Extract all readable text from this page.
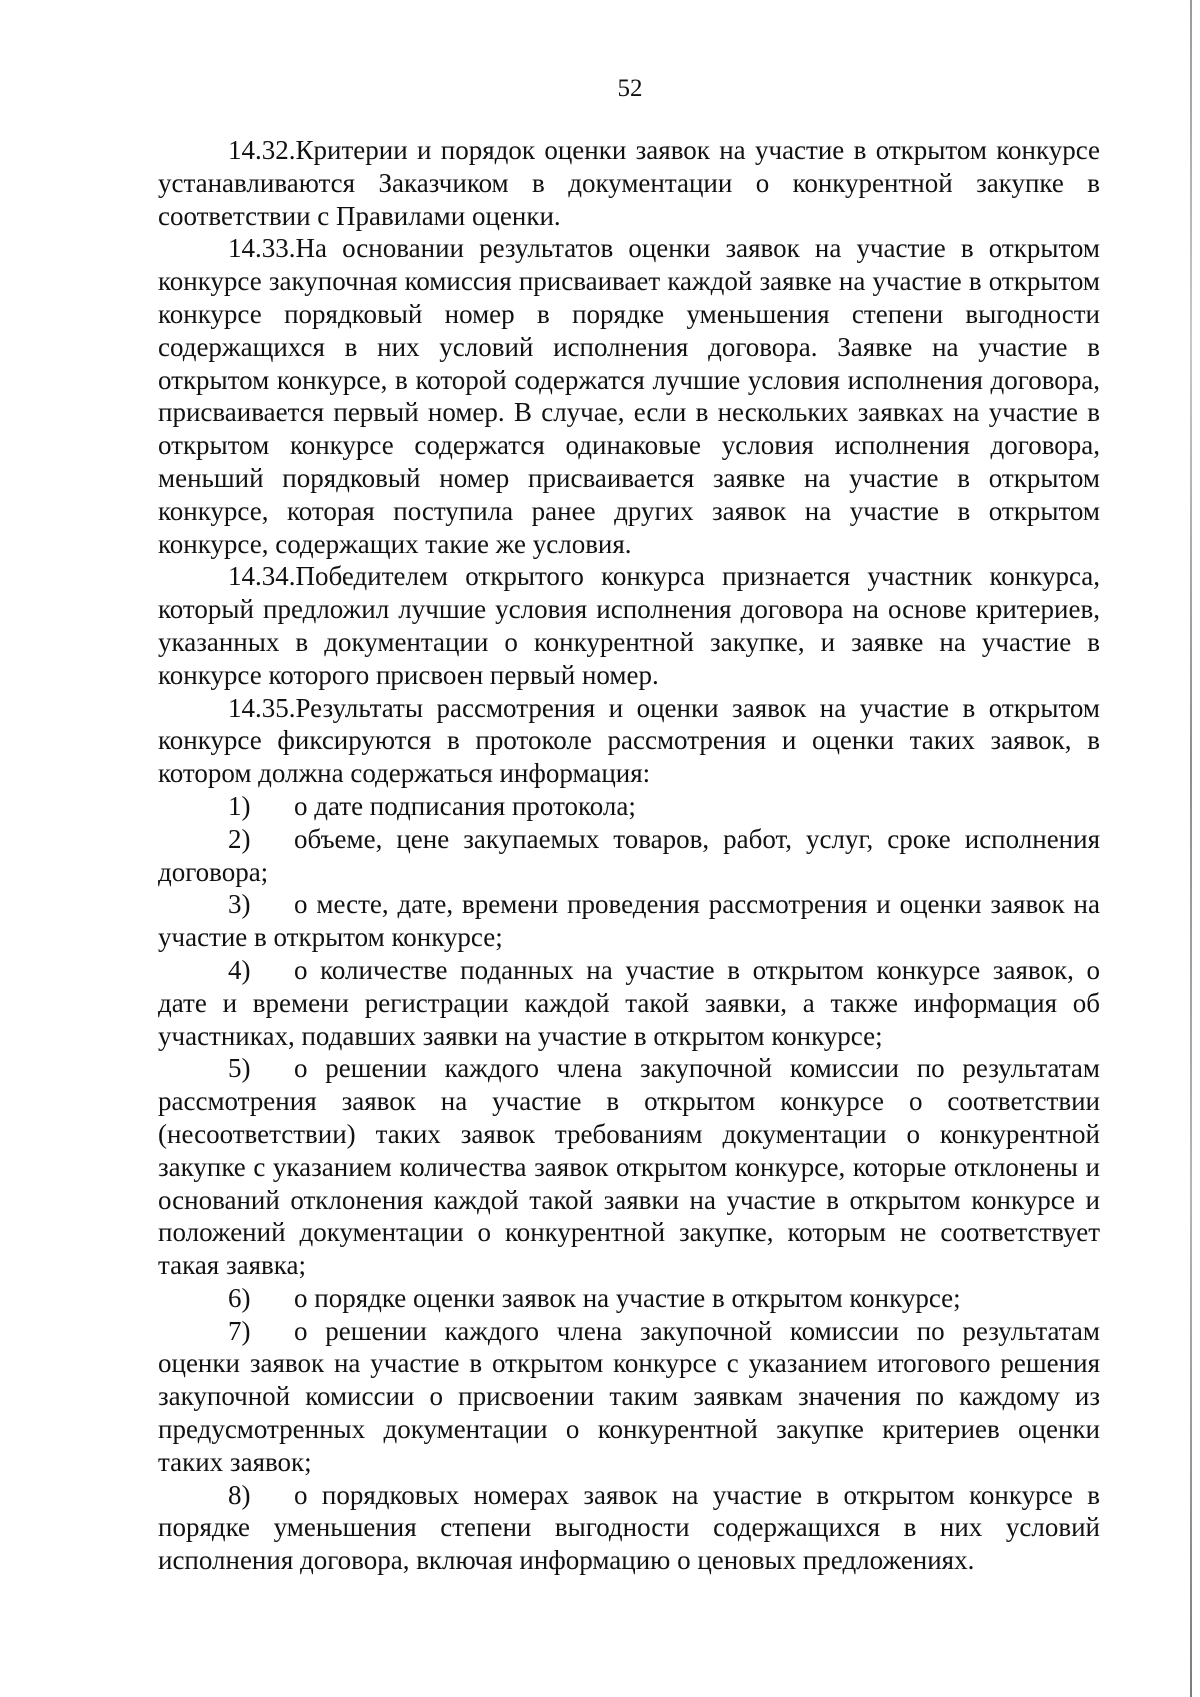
52

14.32.Критерии и порядок оценки заявок на участие в открытом конкурсе устанавливаются Заказчиком в документации о конкурентной закупке в соответствии с Правилами оценки.

14.33.На основании результатов оценки заявок на участие в открытом конкурсе закупочная комиссия присваивает каждой заявке на участие в открытом конкурсе порядковый номер в порядке уменьшения степени выгодности содержащихся в них условий исполнения договора. Заявке на участие в открытом конкурсе, в которой содержатся лучшие условия исполнения договора, присваивается первый номер. В случае, если в нескольких заявках на участие в открытом конкурсе содержатся одинаковые условия исполнения договора, меньший порядковый номер присваивается заявке на участие в открытом конкурсе, которая поступила ранее других заявок на участие в открытом конкурсе, содержащих такие же условия.

14.34.Победителем открытого конкурса признается участник конкурса, который предложил лучшие условия исполнения договора на основе критериев, указанных в документации о конкурентной закупке, и заявке на участие в конкурсе которого присвоен первый номер.

14.35.Результаты рассмотрения и оценки заявок на участие в открытом конкурсе фиксируются в протоколе рассмотрения и оценки таких заявок, в котором должна содержаться информация:

1) о дате подписания протокола;

2) объеме, цене закупаемых товаров, работ, услуг, сроке исполнения договора;

3) о месте, дате, времени проведения рассмотрения и оценки заявок на участие в открытом конкурсе;

4) о количестве поданных на участие в открытом конкурсе заявок, о дате и времени регистрации каждой такой заявки, а также информация об участниках, подавших заявки на участие в открытом конкурсе;

5) о решении каждого члена закупочной комиссии по результатам рассмотрения заявок на участие в открытом конкурсе о соответствии (несоответствии) таких заявок требованиям документации о конкурентной закупке с указанием количества заявок открытом конкурсе, которые отклонены и оснований отклонения каждой такой заявки на участие в открытом конкурсе и положений документации о конкурентной закупке, которым не соответствует такая заявка;

6) о порядке оценки заявок на участие в открытом конкурсе;

7) о решении каждого члена закупочной комиссии по результатам оценки заявок на участие в открытом конкурсе с указанием итогового решения закупочной комиссии о присвоении таким заявкам значения по каждому из предусмотренных документации о конкурентной закупке критериев оценки таких заявок;

8) о порядковых номерах заявок на участие в открытом конкурсе в порядке уменьшения степени выгодности содержащихся в них условий исполнения договора, включая информацию о ценовых предложениях.
